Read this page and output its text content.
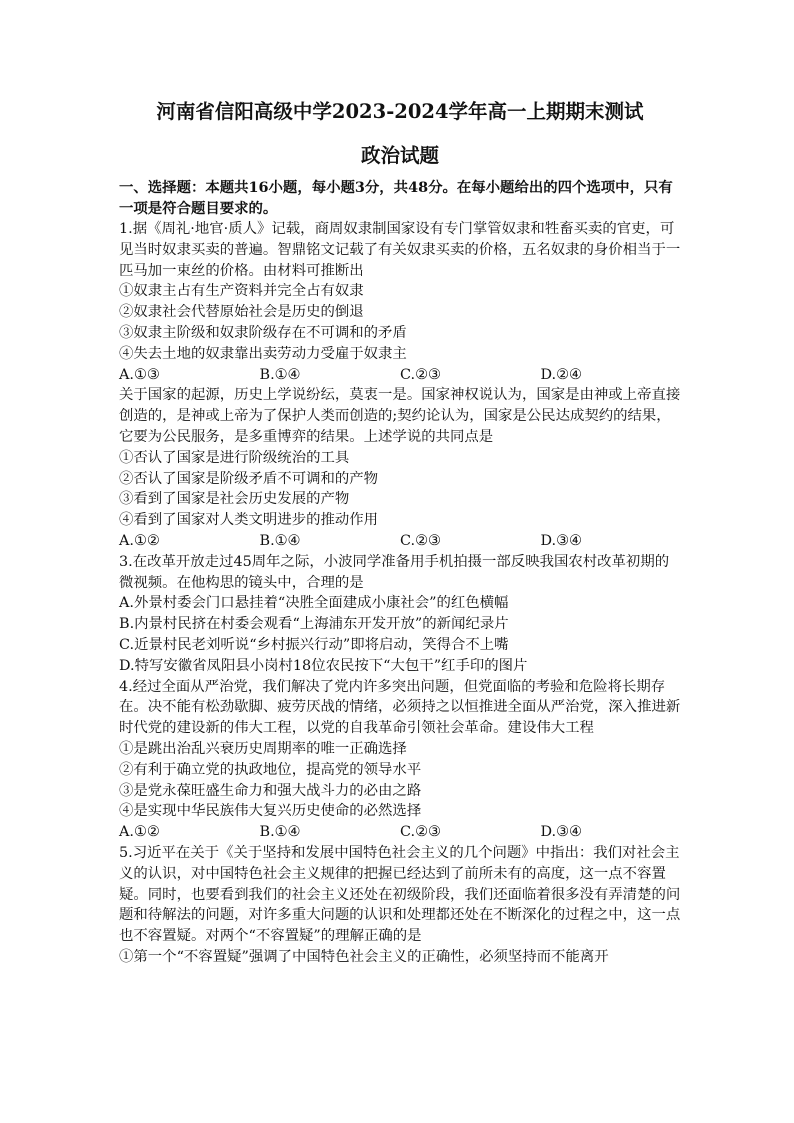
河南省信阳高级中学2023-2024学年高一上期期末测试
政治试题
一、选择题：本题共16小题，每小题3分，共48分。在每小题给出的四个选项中，只有一项是符合题目要求的。

1.据《周礼·地官·质人》记载，商周奴隶制国家设有专门掌管奴隶和牲畜买卖的官吏，可见当时奴隶买卖的普遍。智鼎铭文记载了有关奴隶买卖的价格，五名奴隶的身价相当于一匹马加一束丝的价格。由材料可推断出

①奴隶主占有生产资料并完全占有奴隶

②奴隶社会代替原始社会是历史的倒退

③奴隶主阶级和奴隶阶级存在不可调和的矛盾

④失去土地的奴隶靠出卖劳动力受雇于奴隶主

A.①③	B.①④	C.②③	D.②④

关于国家的起源，历史上学说纷纭，莫衷一是。国家神权说认为，国家是由神或上帝直接创造的，是神或上帝为了保护人类而创造的;契约论认为，国家是公民达成契约的结果，它要为公民服务，是多重博弈的结果。上述学说的共同点是

①否认了国家是进行阶级统治的工具

②否认了国家是阶级矛盾不可调和的产物

③看到了国家是社会历史发展的产物

④看到了国家对人类文明进步的推动作用

A.①②	B.①④	C.②③	D.③④

3.在改革开放走过45周年之际，小波同学准备用手机拍摄一部反映我国农村改革初期的微视频。在他构思的镜头中，合理的是

A.外景村委会门口悬挂着“决胜全面建成小康社会”的红色横幅

B.内景村民挤在村委会观看“上海浦东开发开放”的新闻纪录片

C.近景村民老刘听说“乡村振兴行动”即将启动，笑得合不上嘴

D.特写安徽省凤阳县小岗村18位农民按下“大包干”红手印的图片

4.经过全面从严治党，我们解决了党内许多突出问题，但党面临的考验和危险将长期存在。决不能有松劲歇脚、疲劳厌战的情绪，必须持之以恒推进全面从严治党，深入推进新时代党的建设新的伟大工程，以党的自我革命引领社会革命。建设伟大工程

①是跳出治乱兴衰历史周期率的唯一正确选择

②有利于确立党的执政地位，提高党的领导水平

③是党永葆旺盛生命力和强大战斗力的必由之路

④是实现中华民族伟大复兴历史使命的必然选择

A.①②	B.①④	C.②③	D.③④

5.习近平在关于《关于坚持和发展中国特色社会主义的几个问题》中指出：我们对社会主义的认识，对中国特色社会主义规律的把握已经达到了前所未有的高度，这一点不容置疑。同时，也要看到我们的社会主义还处在初级阶段，我们还面临着很多没有弄清楚的问题和待解法的问题，对许多重大问题的认识和处理都还处在不断深化的过程之中，这一点也不容置疑。对两个“不容置疑”的理解正确的是

①第一个“不容置疑”强调了中国特色社会主义的正确性，必须坚持而不能离开
